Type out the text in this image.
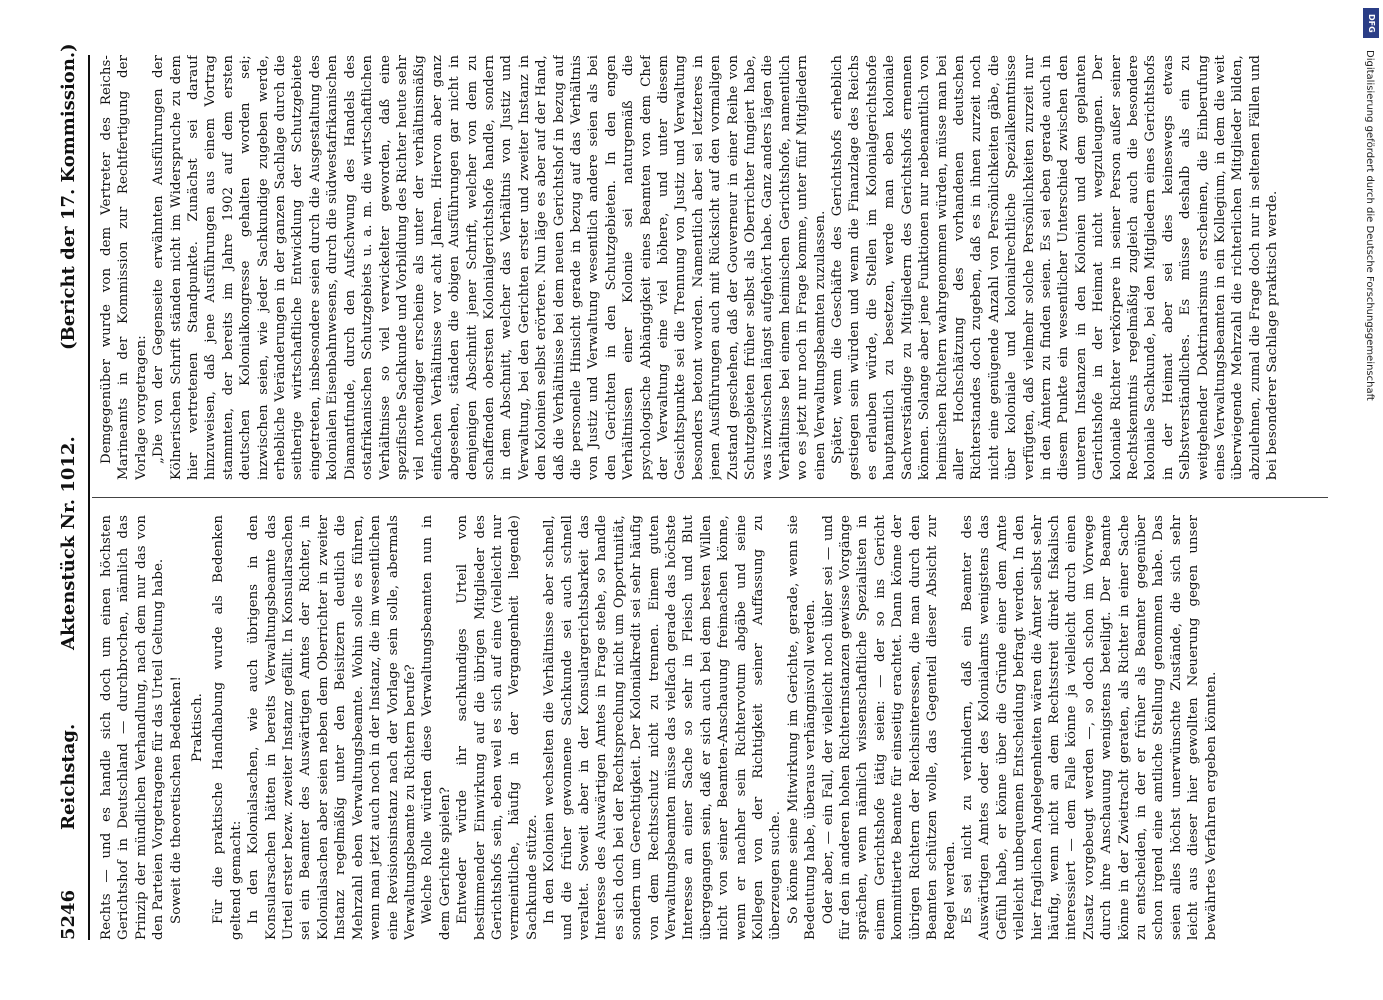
5246
Reichstag.
Aktenstück Nr. 1012.
(Bericht der 17. Kommission.)

Rechts — und es handle sich doch um einen höchsten Gerichtshof in Deutschland — durchbrochen, nämlich das Prinzip der mündlichen Verhandlung, nach dem nur das von den Parteien Vorgetragene für das Urteil Geltung habe. Soweit die theoretischen Bedenken! Praktisch. Für die praktische Handhabung wurde als Bedenken geltend gemacht: In den Kolonialsachen, wie auch übrigens in den Konsularsachen hätten in bereits Verwaltungsbeamte das Urteil erster bezw. zweiter Instanz gefällt. In Konsularsachen sei ein Beamter des Auswärtigen Amtes der Richter, in Kolonialsachen aber seien neben dem Oberrichter in zweiter Instanz regelmäßig unter den Beisitzern deutlich die Mehrzahl eben Verwaltungsbeamte. Wohin solle es führen, wenn man jetzt auch noch in der Instanz, die im wesentlichen eine Revisionsinstanz nach der Vorlage sein solle, abermals Verwaltungsbeamte zu Richtern berufe? Welche Rolle würden diese Verwaltungsbeamten nun in dem Gerichte spielen? Entweder würde ihr sachkundiges Urteil von bestimmender Einwirkung auf die übrigen Mitglieder des Gerichtshofs sein, eben weil es sich auf eine (vielleicht nur vermeintliche, häufig in der Vergangenheit liegende) Sachkunde stütze. In den Kolonien wechselten die Verhältnisse aber schnell, und die früher gewonnene Sachkunde sei auch schnell veraltet. Soweit aber in der Konsulargerichtsbarkeit das Interesse des Auswärtigen Amtes in Frage stehe, so handle es sich doch bei der Rechtsprechung nicht um Opportunität, sondern um Gerechtigkeit. Der Kolonialkredit sei sehr häufig von dem Rechtsschutz nicht zu trennen. Einem guten Verwaltungsbeamten müsse das vielfach gerade das höchste Interesse an einer Sache so sehr in Fleisch und Blut übergegangen sein, daß er sich auch bei dem besten Willen nicht von seiner Beamten-Anschauung freimachen könne, wenn er nachher sein Richtervotum abgäbe und seine Kollegen von der Richtigkeit seiner Auffassung zu überzeugen suche. So könne seine Mitwirkung im Gerichte, gerade, wenn sie Bedeutung habe, überaus verhängnisvoll werden. Oder aber, — ein Fall, der vielleicht noch übler sei — und für den in anderen hohen Richterinstanzen gewisse Vorgänge sprächen, wenn nämlich wissenschaftliche Spezialisten in einem Gerichtshofe tätig seien: — der so ins Gericht kommittierte Beamte für einseitig erachtet. Dann könne der übrigen Richtern der Reichsinteressen, die man durch den Beamten schützen wolle, das Gegenteil dieser Absicht zur Regel werden. Es sei nicht zu verhindern, daß ein Beamter des Auswärtigen Amtes oder des Kolonialamts wenigstens das Gefühl habe, er könne über die Gründe einer dem Amte vielleicht unbequemen Entscheidung befragt werden. In den hier fraglichen Angelegenheiten wären die Ämter selbst sehr häufig, wenn nicht an dem Rechtsstreit direkt fiskalisch interessiert — dem Falle könne ja vielleicht durch einen Zusatz vorgebeugt werden —, so doch schon im Vorwege durch ihre Anschauung wenigstens beteiligt. Der Beamte könne in der Zwietracht geraten, als Richter in einer Sache zu entscheiden, in der er früher als Beamter gegenüber schon irgend eine amtliche Stellung genommen habe. Das seien alles höchst unerwünschte Zustände, die sich sehr leicht aus dieser hier gewollten Neuerung gegen unser bewährtes Verfahren ergeben könnten.

Demgegenüber wurde von dem Vertreter des Reichs-Marineamts in der Kommission zur Rechtfertigung der Vorlage vorgetragen: „Die von der Gegenseite erwähnten Ausführungen der Kölnerischen Schrift ständen nicht im Widerspruche zu dem hier vertretenen Standpunkte. Zunächst sei darauf hinzuweisen, daß jene Ausführungen aus einem Vortrag stammten, der bereits im Jahre 1902 auf dem ersten deutschen Kolonialkongresse gehalten worden sei; inzwischen seien, wie jeder Sachkundige zugeben werde, erhebliche Veränderungen in der ganzen Sachlage durch die seitherige wirtschaftliche Entwicklung der Schutzgebiete eingetreten, insbesondere seien durch die Ausgestaltung des kolonialen Eisenbahnwesens, durch die südwestafrikanischen Diamantfunde, durch den Aufschwung des Handels des ostafrikanischen Schutzgebiets u. a. m. die wirtschaftlichen Verhältnisse so viel verwickelter geworden, daß eine spezifische Sachkunde und Vorbildung des Richter heute sehr viel notwendiger erscheine als unter der verhältnismäßig einfachen Verhältnisse vor acht Jahren. Hiervon aber ganz abgesehen, ständen die obigen Ausführungen gar nicht in demjenigen Abschnitt jener Schrift, welcher von dem zu schaffenden obersten Kolonialgerichtshofe handle, sondern in dem Abschnitt, welcher das Verhältnis von Justiz und Verwaltung, bei den Gerichten erster und zweiter Instanz in den Kolonien selbst erörtere. Nun läge es aber auf der Hand, daß die Verhältnisse bei dem neuen Gerichtshof in bezug auf die personelle Hinsicht gerade in bezug auf das Verhältnis von Justiz und Verwaltung wesentlich andere seien als bei den Gerichten in den Schutzgebieten. In den engen Verhältnissen einer Kolonie sei naturgemäß die psychologische Abhängigkeit eines Beamten von dem Chef der Verwaltung eine viel höhere, und unter diesem Gesichtspunkte sei die Trennung von Justiz und Verwaltung besonders betont worden. Namentlich aber sei letzteres in jenen Ausführungen auch mit Rücksicht auf den vormaligen Zustand geschehen, daß der Gouverneur in einer Reihe von Schutzgebieten früher selbst als Oberrichter fungiert habe, was inzwischen längst aufgehört habe. Ganz anders lägen die Verhältnisse bei einem heimischen Gerichtshofe, namentlich wo es jetzt nur noch in Frage komme, unter fünf Mitgliedern einen Verwaltungsbeamten zuzulassen. Später, wenn die Geschäfte des Gerichtshofs erheblich gestiegen sein würden und wenn die Finanzlage des Reichs es erlauben würde, die Stellen im Kolonialgerichtshofe hauptamtlich zu besetzen, werde man eben koloniale Sachverständige zu Mitgliedern des Gerichtshofs ernennen können. Solange aber jene Funktionen nur nebenamtlich von heimischen Richtern wahrgenommen würden, müsse man bei aller Hochschätzung des vorhandenen deutschen Richterstandes doch zugeben, daß es in ihnen zurzeit noch nicht eine genügende Anzahl von Persönlichkeiten gäbe, die über koloniale und kolonialrechtliche Spezialkenntnisse verfügten, daß vielmehr solche Persönlichkeiten zurzeit nur in den Ämtern zu finden seien. Es sei eben gerade auch in diesem Punkte ein wesentlicher Unterschied zwischen den unteren Instanzen in den Kolonien und dem geplanten Gerichtshofe in der Heimat nicht wegzuleugnen. Der koloniale Richter verkörpere in seiner Person außer seiner Rechtskenntnis regelmäßig zugleich auch die besondere koloniale Sachkunde, bei den Mitgliedern eines Gerichtshofs in der Heimat aber sei dies keineswegs etwas Selbstverständliches. Es müsse deshalb als ein zu weitgehender Doktrinarismus erscheinen, die Einberufung eines Verwaltungsbeamten in ein Kollegium, in dem die weit überwiegende Mehrzahl die richterlichen Mitglieder bilden, abzulehnen, zumal die Frage doch nur in seltenen Fällen und bei besonderer Sachlage praktisch werde.

DFG
Digitalisierung gefördert durch die Deutsche Forschungsgemeinschaft
